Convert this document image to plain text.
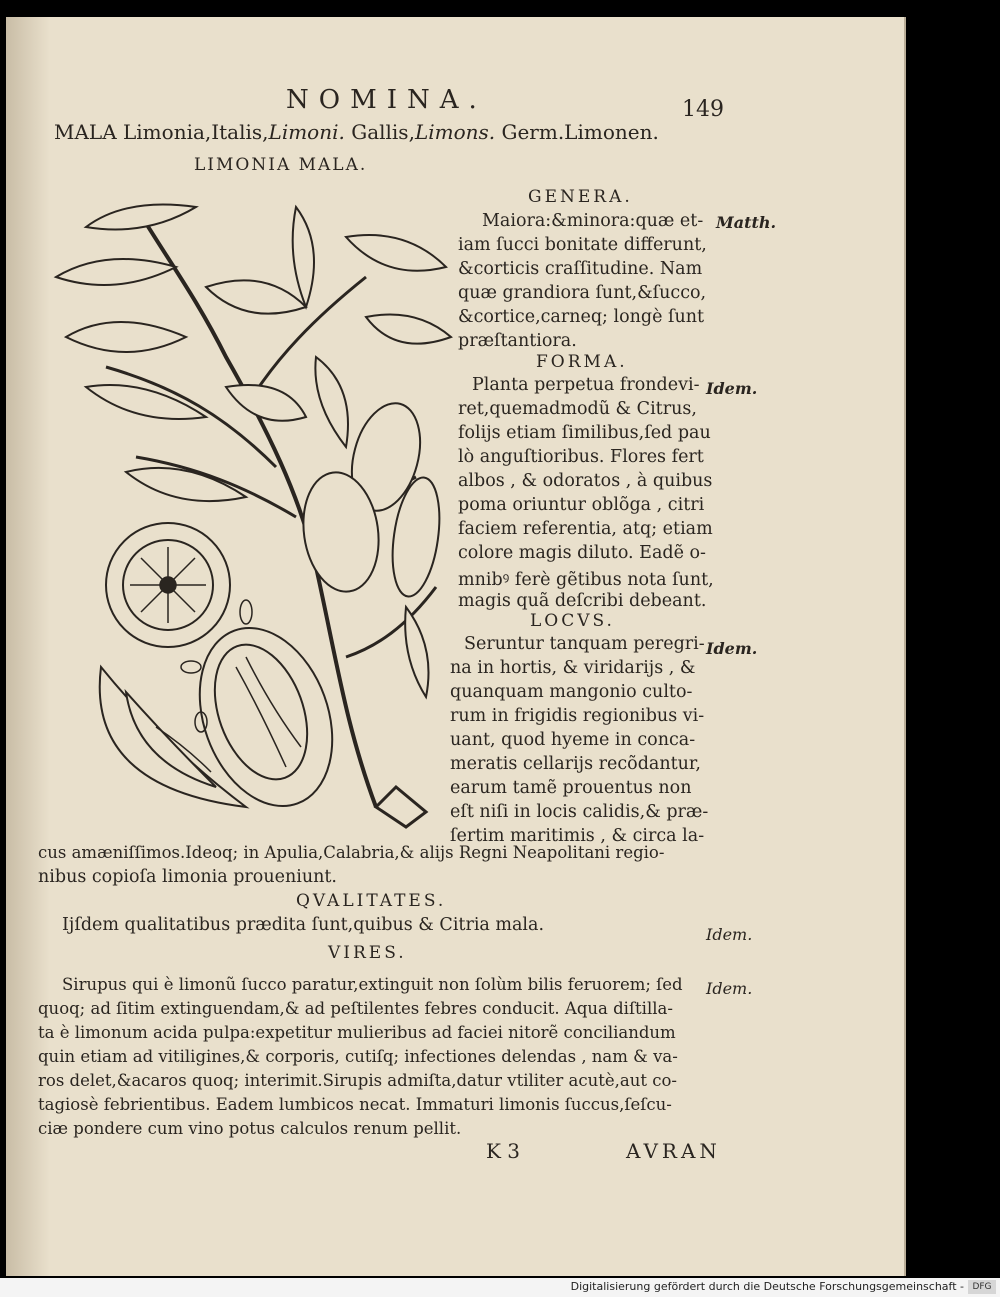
NOMINA.	149
MALA Limonia,Italis,Limoni. Gallis,Limons. Germ.Limonen.
LIMONIA MALA.
GENERA.
Maiora:&minora:quæ et-
iam ſucci bonitate differunt,
&corticis craſſitudine. Nam
quæ grandiora ſunt,&ſucco,
&cortice,carneq; longè ſunt
præſtantiora.
FORMA.
Planta perpetua frondevi-
ret,quemadmodũ & Citrus,
folijs etiam ſimilibus,ſed pau
lò anguſtioribus. Flores fert
albos , & odoratos , à quibus
poma oriuntur oblõga , citri
faciem referentia, atq; etiam
colore magis diluto. Eadẽ o-
mnibꝰ ferè gẽtibus nota ſunt,
magis quã deſcribi debeant.
LOCVS.
Seruntur tanquam peregri-
na in hortis, & viridarijs , &
quanquam mangonio culto-
rum in frigidis regionibus vi-
uant, quod hyeme in conca-
meratis cellarijs recõdantur,
earum tamẽ prouentus non
eſt niſi in locis calidis,& præ-
ſertim maritimis , & circa la-
cus amæniſſimos.Ideoq; in Apulia,Calabria,& alijs Regni Neapolitani regio-
nibus copioſa limonia proueniunt.
QVALITATES.
Ijſdem qualitatibus prædita ſunt,quibus & Citria mala.
VIRES.
Sirupus qui è limonũ ſucco paratur,extinguit non ſolùm bilis feruorem; ſed
quoq; ad ſitim extinguendam,& ad peſtilentes febres conducit. Aqua diſtilla-
ta è limonum acida pulpa:expetitur mulieribus ad faciei nitorẽ conciliandum
quin etiam ad vitiligines,& corporis, cutiſq; infectiones delendas , nam & va-
ros delet,&acaros quoq; interimit.Sirupis admiſta,datur vtiliter acutè,aut co-
tagiosè febrientibus. Eadem lumbicos necat. Immaturi limonis ſuccus,ſeſcu-
ciæ pondere cum vino potus calculos renum pellit.
Matth.
Idem.
Idem.
Idem.
Idem.
K 3	AVRAN
Digitalisierung gefördert durch die Deutsche Forschungsgemeinschaft - DFG
